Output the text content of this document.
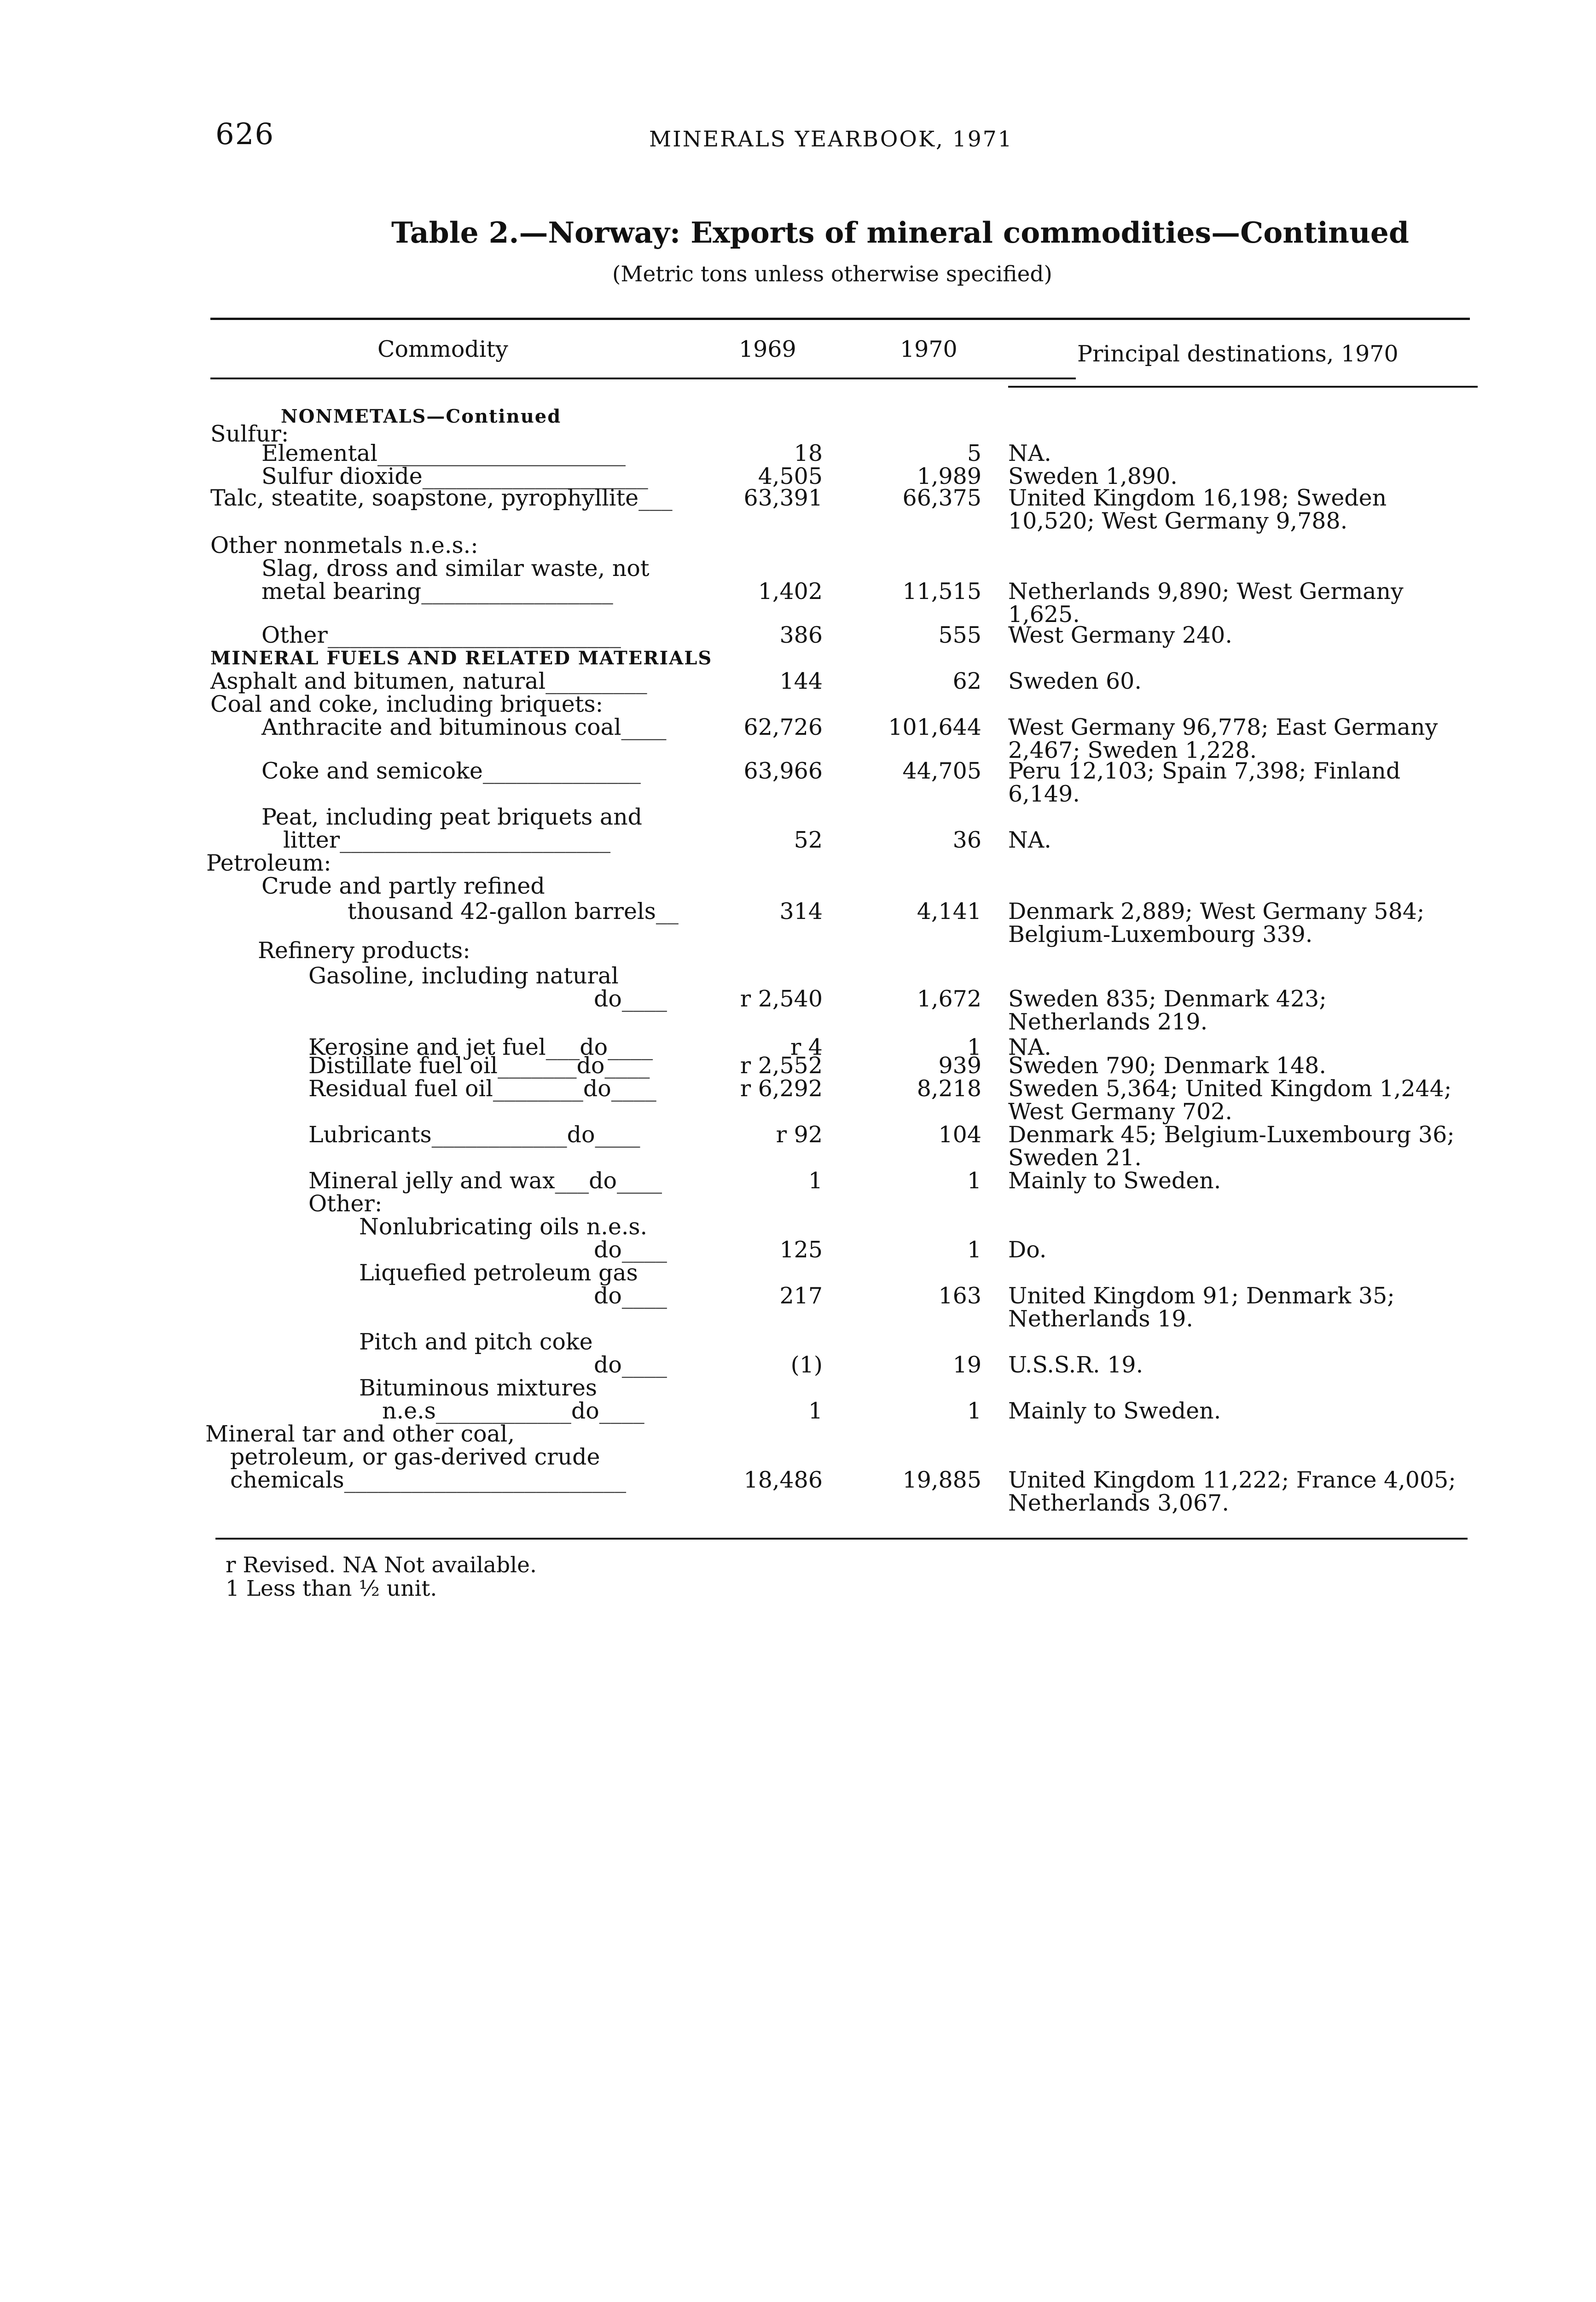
626	MINERALS YEARBOOK, 1971
Table 2.—Norway: Exports of mineral commodities—Continued
(Metric tons unless otherwise specified)
Commodity	1969	1970	Principal destinations, 1970
NONMETALS—Continued
Sulfur:
Elemental______________________	18	5 NA.
Sulfur dioxide____________________	4,505	1,989 Sweden 1,890.
Talc, steatite, soapstone, pyrophyllite___	63,391	66,375 United Kingdom 16,198; Sweden 10,520; West Germany 9,788.
Other nonmetals n.e.s.:
Slag, dross and similar waste, not
metal bearing_________________	1,402	11,515 Netherlands 9,890; West Germany 1,625.
Other__________________________	386	555 West Germany 240.
MINERAL FUELS AND RELATED MATERIALS
Asphalt and bitumen, natural_________	144	62 Sweden 60.
Coal and coke, including briquets:
Anthracite and bituminous coal____	62,726	101,644 West Germany 96,778; East Germany 2,467; Sweden 1,228.
Coke and semicoke______________	63,966	44,705 Peru 12,103; Spain 7,398; Finland 6,149.
Peat, including peat briquets and
litter________________________	52	36 NA.
Petroleum:
Crude and partly refined
thousand 42-gallon barrels__	314	4,141 Denmark 2,889; West Germany 584; Belgium-Luxembourg 339.
Refinery products:
Gasoline, including natural
do____	r 2,540	1,672 Sweden 835; Denmark 423; Netherlands 219.
Kerosine and jet fuel___do____	r 4	1 NA.
Distillate fuel oil_______do____	r 2,552	939 Sweden 790; Denmark 148.
Residual fuel oil________do____	r 6,292	8,218 Sweden 5,364; United Kingdom 1,244; West Germany 702.
Lubricants____________do____	r 92	104 Denmark 45; Belgium-Luxembourg 36; Sweden 21.
Mineral jelly and wax___do____	1	1 Mainly to Sweden.
Other:
Nonlubricating oils n.e.s.
do____	125	1 Do.
Liquefied petroleum gas
do____	217	163 United Kingdom 91; Denmark 35; Netherlands 19.
Pitch and pitch coke
do____	(1)	19 U.S.S.R. 19.
Bituminous mixtures
n.e.s____________do____	1	1 Mainly to Sweden.
Mineral tar and other coal,
petroleum, or gas-derived crude
chemicals_________________________	18,486	19,885 United Kingdom 11,222; France 4,005; Netherlands 3,067.
r Revised. NA Not available.
1 Less than ½ unit.
